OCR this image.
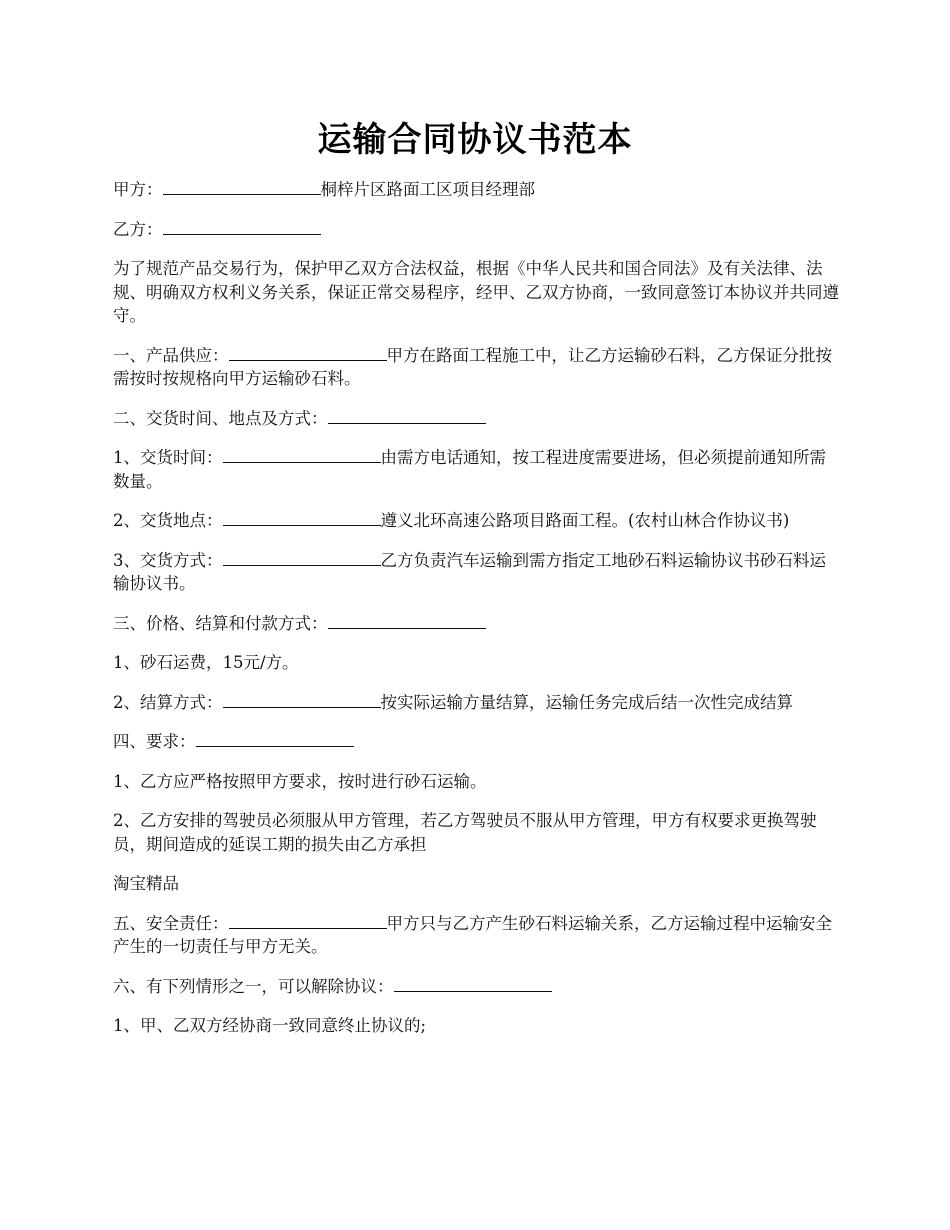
运输合同协议书范本

甲方：	桐梓片区路面工区项目经理部

乙方：

为了规范产品交易行为，保护甲乙双方合法权益，根据《中华人民共和国合同法》及有关法律、法规、明确双方权利义务关系，保证正常交易程序，经甲、乙双方协商，一致同意签订本协议并共同遵守。

一、产品供应：	甲方在路面工程施工中，让乙方运输砂石料，乙方保证分批按需按时按规格向甲方运输砂石料。

二、交货时间、地点及方式：

1、交货时间：	由需方电话通知，按工程进度需要进场，但必须提前通知所需数量。

2、交货地点：	遵义北环高速公路项目路面工程。(农村山林合作协议书)

3、交货方式：	乙方负责汽车运输到需方指定工地砂石料运输协议书砂石料运输协议书。

三、价格、结算和付款方式：

1、砂石运费，15元/方。

2、结算方式：	按实际运输方量结算，运输任务完成后结一次性完成结算

四、要求：

1、乙方应严格按照甲方要求，按时进行砂石运输。

2、乙方安排的驾驶员必须服从甲方管理，若乙方驾驶员不服从甲方管理，甲方有权要求更换驾驶员，期间造成的延误工期的损失由乙方承担

淘宝精品

五、安全责任：	甲方只与乙方产生砂石料运输关系，乙方运输过程中运输安全产生的一切责任与甲方无关。

六、有下列情形之一，可以解除协议：

1、甲、乙双方经协商一致同意终止协议的;
